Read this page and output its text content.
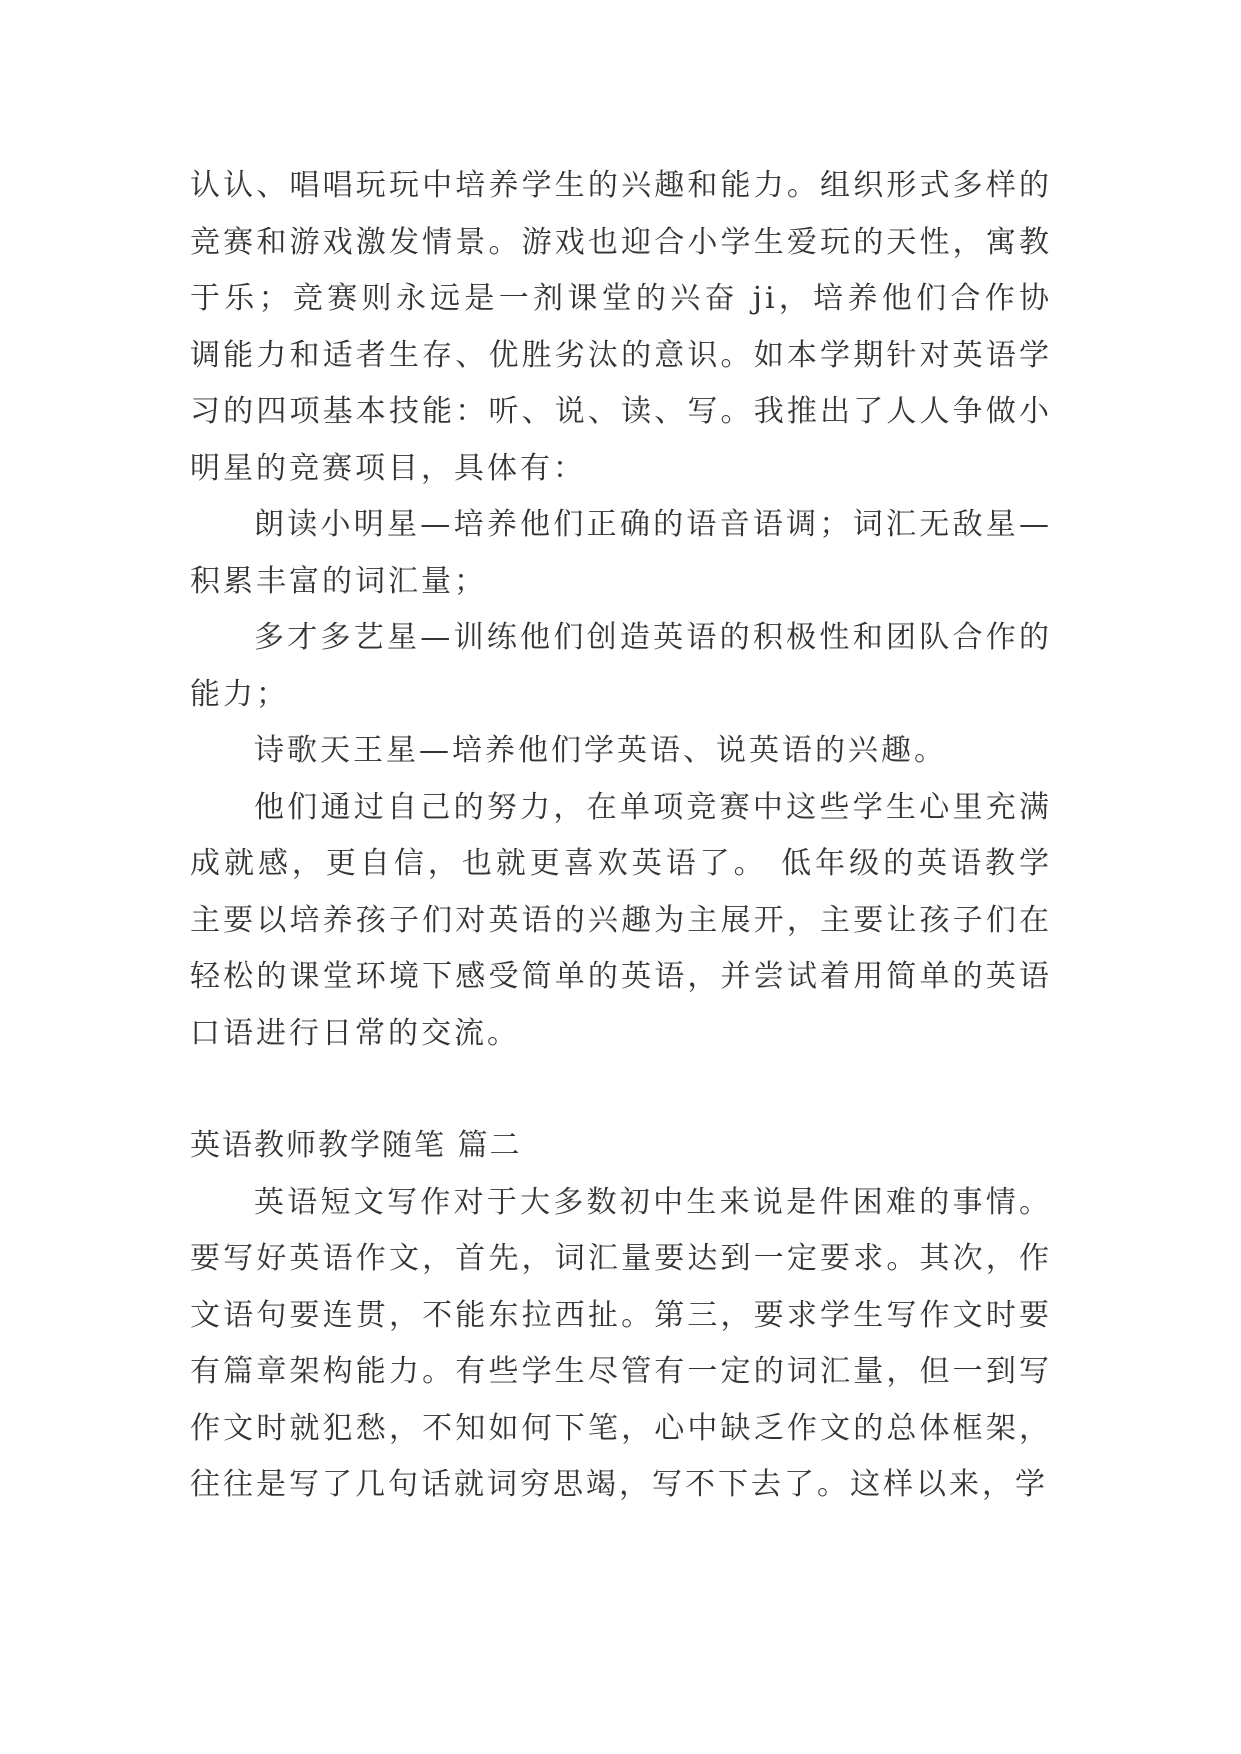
认认、唱唱玩玩中培养学生的兴趣和能力。组织形式多样的竞赛和游戏激发情景。游戏也迎合小学生爱玩的天性，寓教于乐；竞赛则永远是一剂课堂的兴奋 ji，培养他们合作协调能力和适者生存、优胜劣汰的意识。如本学期针对英语学习的四项基本技能：听、说、读、写。我推出了人人争做小明星的竞赛项目，具体有：

朗读小明星—培养他们正确的语音语调；词汇无敌星—积累丰富的词汇量；

多才多艺星—训练他们创造英语的积极性和团队合作的能力；

诗歌天王星—培养他们学英语、说英语的兴趣。

他们通过自己的努力，在单项竞赛中这些学生心里充满成就感，更自信，也就更喜欢英语了。 低年级的英语教学主要以培养孩子们对英语的兴趣为主展开，主要让孩子们在轻松的课堂环境下感受简单的英语，并尝试着用简单的英语口语进行日常的交流。

英语教师教学随笔 篇二

英语短文写作对于大多数初中生来说是件困难的事情。要写好英语作文，首先，词汇量要达到一定要求。其次，作文语句要连贯，不能东拉西扯。第三，要求学生写作文时要有篇章架构能力。有些学生尽管有一定的词汇量，但一到写作文时就犯愁，不知如何下笔，心中缺乏作文的总体框架，往往是写了几句话就词穷思竭，写不下去了。这样以来，学
